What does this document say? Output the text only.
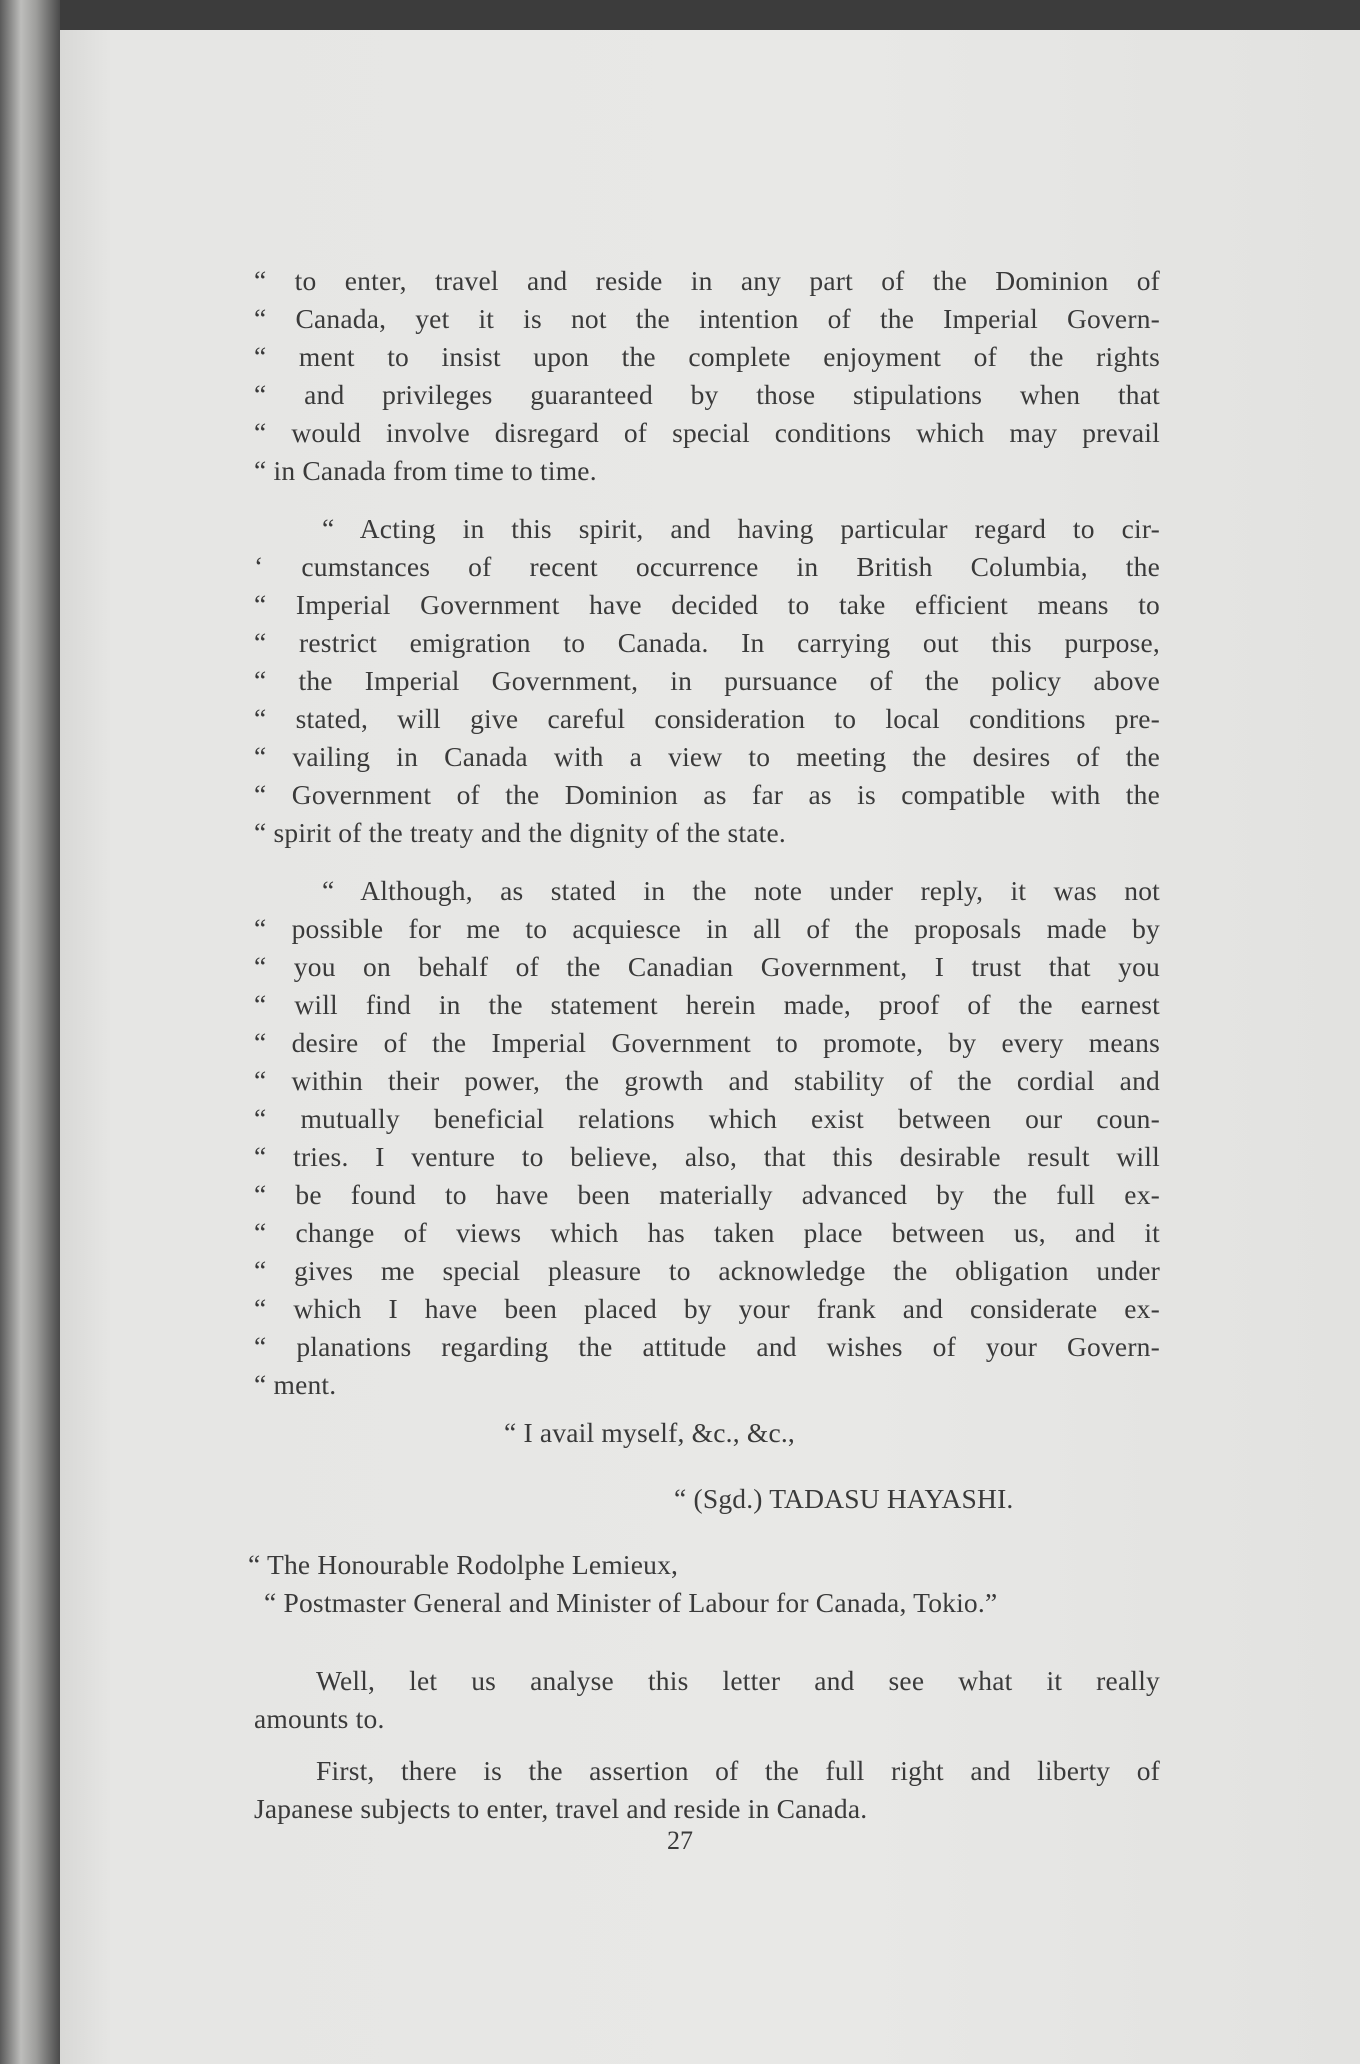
“ to enter, travel and reside in any part of the Dominion of
“ Canada, yet it is not the intention of the Imperial Govern-
“ ment to insist upon the complete enjoyment of the rights
“ and privileges guaranteed by those stipulations when that
“ would involve disregard of special conditions which may prevail
“ in Canada from time to time.
“ Acting in this spirit, and having particular regard to cir-
‘ cumstances of recent occurrence in British Columbia, the
“ Imperial Government have decided to take efficient means to
“ restrict emigration to Canada. In carrying out this purpose,
“ the Imperial Government, in pursuance of the policy above
“ stated, will give careful consideration to local conditions pre-
“ vailing in Canada with a view to meeting the desires of the
“ Government of the Dominion as far as is compatible with the
“ spirit of the treaty and the dignity of the state.
“ Although, as stated in the note under reply, it was not
“ possible for me to acquiesce in all of the proposals made by
“ you on behalf of the Canadian Government, I trust that you
“ will find in the statement herein made, proof of the earnest
“ desire of the Imperial Government to promote, by every means
“ within their power, the growth and stability of the cordial and
“ mutually beneficial relations which exist between our coun-
“ tries. I venture to believe, also, that this desirable result will
“ be found to have been materially advanced by the full ex-
“ change of views which has taken place between us, and it
“ gives me special pleasure to acknowledge the obligation under
“ which I have been placed by your frank and considerate ex-
“ planations regarding the attitude and wishes of your Govern-
“ ment.
“ I avail myself, &c., &c.,
“ (Sgd.) TADASU HAYASHI.
“ The Honourable Rodolphe Lemieux,
“ Postmaster General and Minister of Labour for Canada, Tokio.”
Well, let us analyse this letter and see what it really
amounts to.
First, there is the assertion of the full right and liberty of
Japanese subjects to enter, travel and reside in Canada.
27
